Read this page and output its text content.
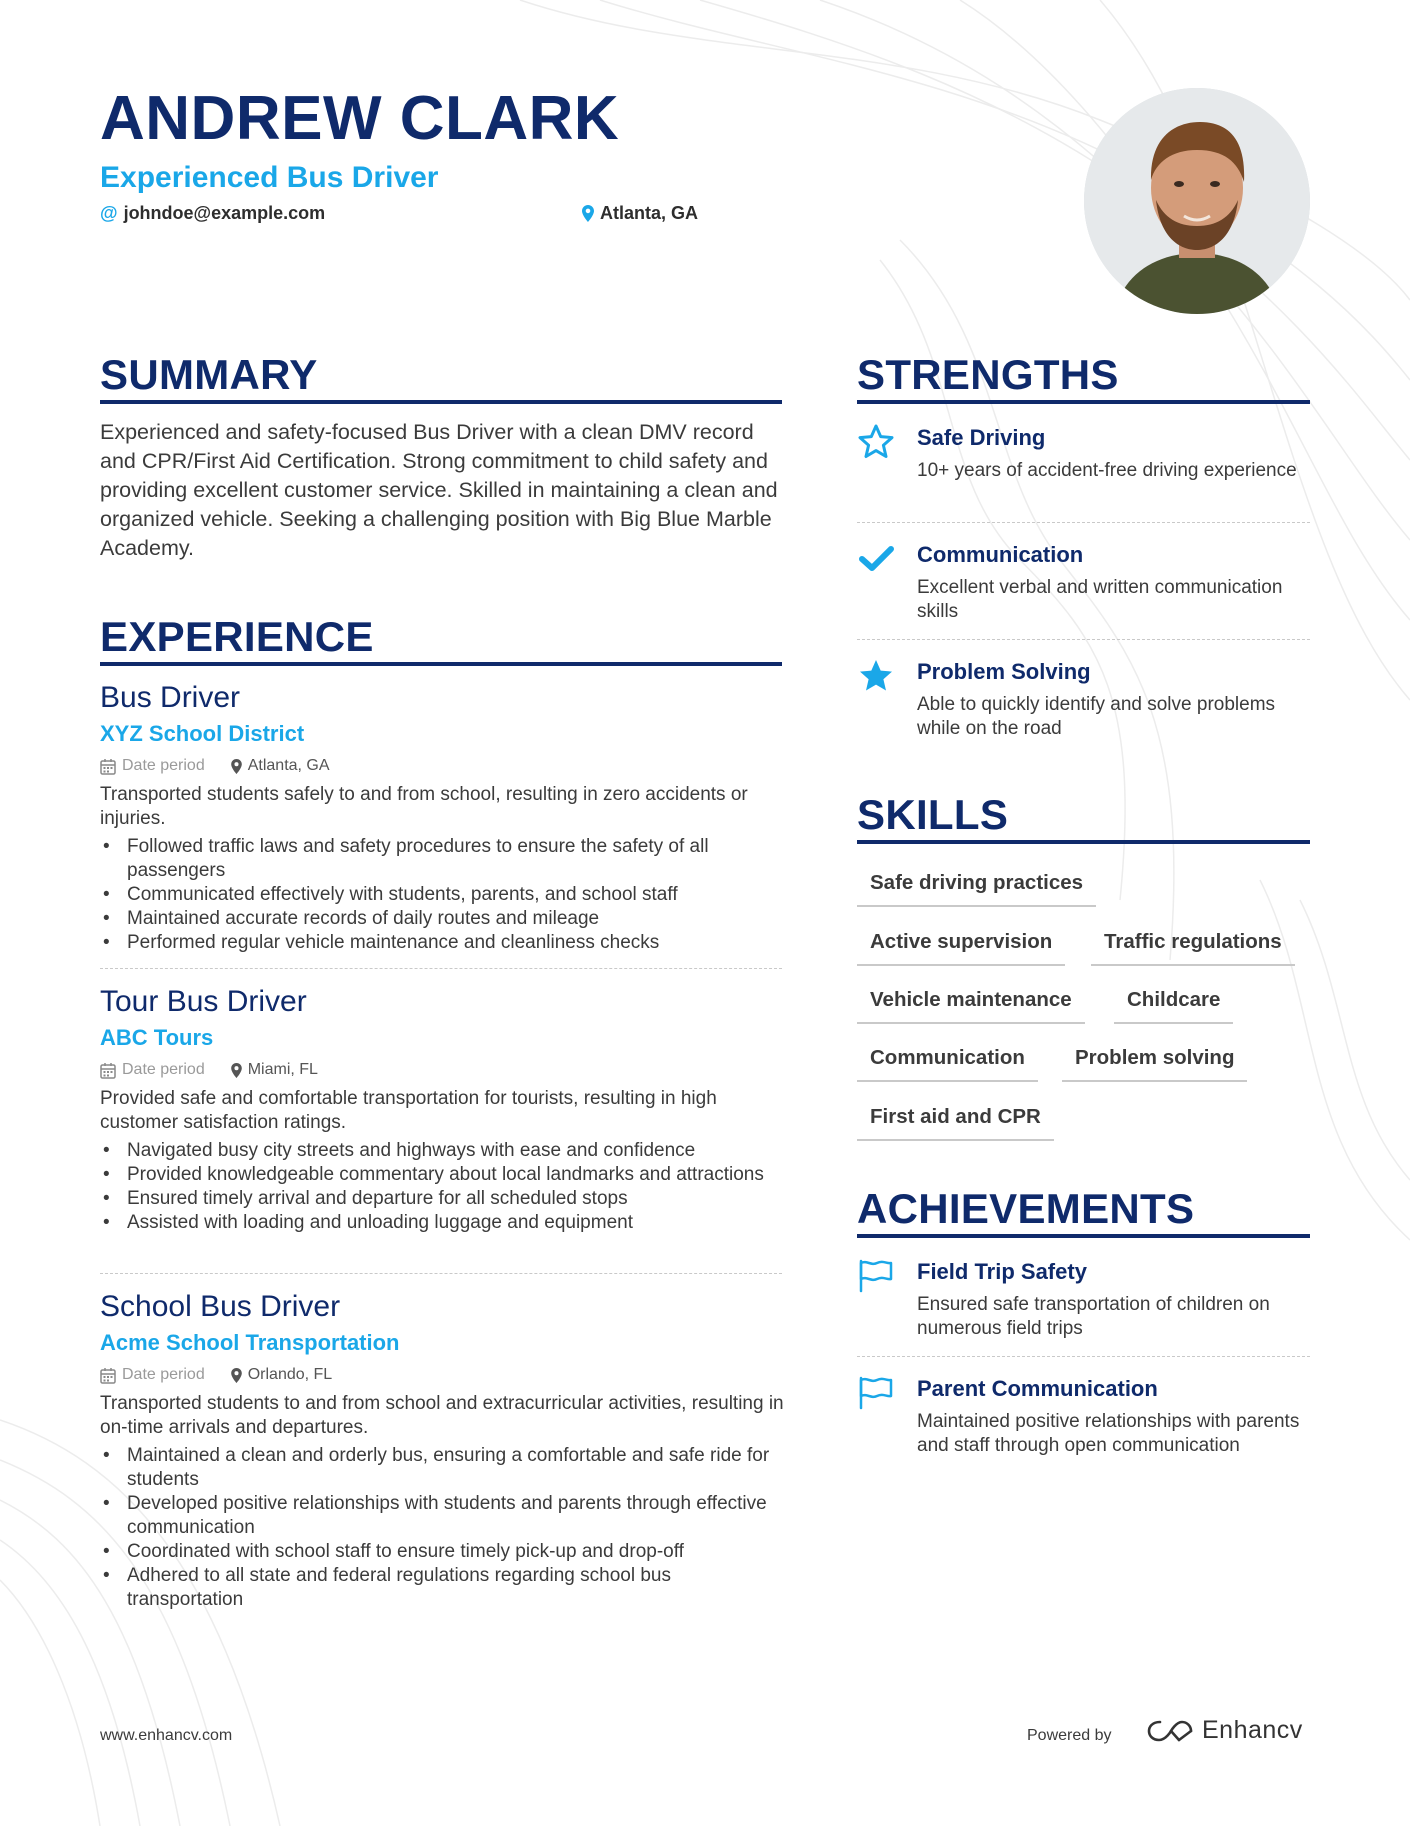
ANDREW CLARK
Experienced Bus Driver
@ johndoe@example.com	Atlanta, GA
SUMMARY

Experienced and safety-focused Bus Driver with a clean DMV record and CPR/First Aid Certification. Strong commitment to child safety and providing excellent customer service. Skilled in maintaining a clean and organized vehicle. Seeking a challenging position with Big Blue Marble Academy.

EXPERIENCE
Bus Driver
XYZ School District
Date period	Atlanta, GA
Transported students safely to and from school, resulting in zero accidents or injuries.
• Followed traffic laws and safety procedures to ensure the safety of all passengers
• Communicated effectively with students, parents, and school staff
• Maintained accurate records of daily routes and mileage
• Performed regular vehicle maintenance and cleanliness checks
Tour Bus Driver
ABC Tours
Date period	Miami, FL
Provided safe and comfortable transportation for tourists, resulting in high customer satisfaction ratings.
• Navigated busy city streets and highways with ease and confidence
• Provided knowledgeable commentary about local landmarks and attractions
• Ensured timely arrival and departure for all scheduled stops
• Assisted with loading and unloading luggage and equipment
School Bus Driver
Acme School Transportation
Date period	Orlando, FL
Transported students to and from school and extracurricular activities, resulting in on-time arrivals and departures.
• Maintained a clean and orderly bus, ensuring a comfortable and safe ride for students
• Developed positive relationships with students and parents through effective communication
• Coordinated with school staff to ensure timely pick-up and drop-off
• Adhered to all state and federal regulations regarding school bus transportation
STRENGTHS
Safe Driving
10+ years of accident-free driving experience
Communication
Excellent verbal and written communication skills
Problem Solving
Able to quickly identify and solve problems while on the road
SKILLS
Safe driving practices
Active supervision	Traffic regulations
Vehicle maintenance	Childcare
Communication	Problem solving
First aid and CPR
ACHIEVEMENTS
Field Trip Safety
Ensured safe transportation of children on numerous field trips
Parent Communication
Maintained positive relationships with parents and staff through open communication
www.enhancv.com	Powered by	Enhancv
